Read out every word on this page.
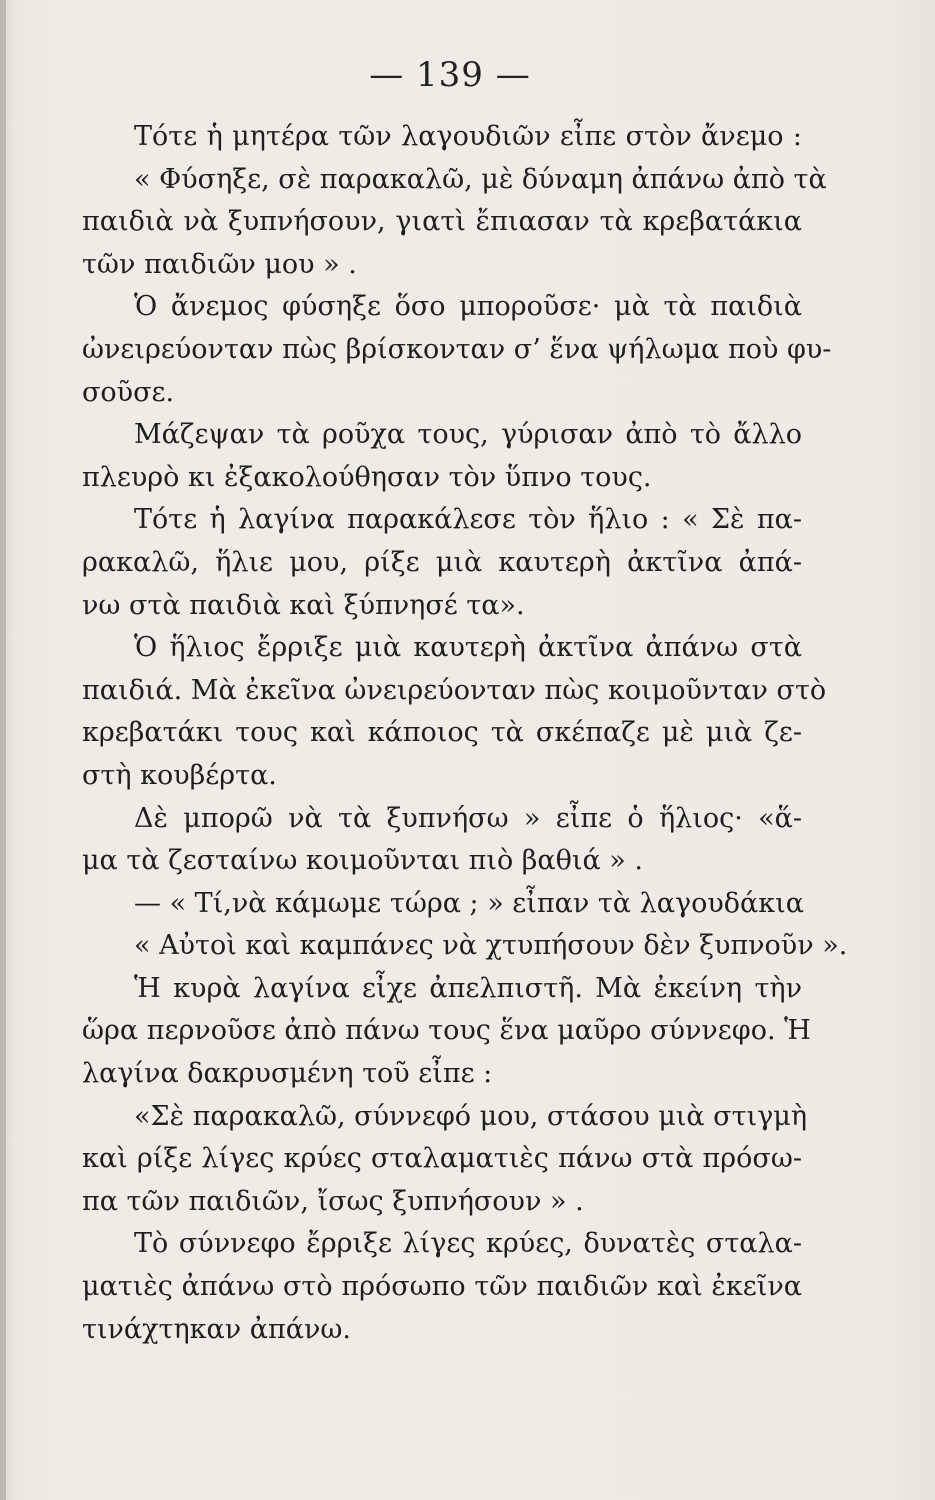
— 139 —
Τότε ἡ μητέρα τῶν λαγουδιῶν εἶπε στὸν ἄνεμο :
« Φύσηξε, σὲ παρακαλῶ, μὲ δύναμη ἀπάνω ἀπὸ τὰ
παιδιὰ νὰ ξυπνήσουν, γιατὶ ἔπιασαν τὰ κρεβατάκια
τῶν παιδιῶν μου » .
Ὁ ἄνεμος φύσηξε ὅσο μποροῦσε· μὰ τὰ παιδιὰ
ὠνειρεύονταν πὼς βρίσκονταν σ’ ἕνα ψήλωμα ποὺ φυ-
σοῦσε.
Μάζεψαν τὰ ροῦχα τους, γύρισαν ἀπὸ τὸ ἄλλο
πλευρὸ κι ἐξακολούθησαν τὸν ὕπνο τους.
Τότε ἡ λαγίνα παρακάλεσε τὸν ἥλιο : « Σὲ πα-
ρακαλῶ, ἥλιε μου, ρίξε μιὰ καυτερὴ ἀκτῖνα ἀπά-
νω στὰ παιδιὰ καὶ ξύπνησέ τα».
Ὁ ἥλιος ἔρριξε μιὰ καυτερὴ ἀκτῖνα ἀπάνω στὰ
παιδιά. Μὰ ἐκεῖνα ὠνειρεύονταν πὼς κοιμοῦνταν στὸ
κρεβατάκι τους καὶ κάποιος τὰ σκέπαζε μὲ μιὰ ζε-
στὴ κουβέρτα.
Δὲ μπορῶ νὰ τὰ ξυπνήσω » εἶπε ὁ ἥλιος· «ἅ-
μα τὰ ζεσταίνω κοιμοῦνται πιὸ βαθιά » .
— « Τί,νὰ κάμωμε τώρα ; » εἶπαν τὰ λαγουδάκια
« Αὐτοὶ καὶ καμπάνες νὰ χτυπήσουν δὲν ξυπνοῦν ».
Ἡ κυρὰ λαγίνα εἶχε ἀπελπιστῆ. Μὰ ἐκείνη τὴν
ὥρα περνοῦσε ἀπὸ πάνω τους ἕνα μαῦρο σύννεφο. Ἡ
λαγίνα δακρυσμένη τοῦ εἶπε :
«Σὲ παρακαλῶ, σύννεφό μου, στάσου μιὰ στιγμὴ
καὶ ρίξε λίγες κρύες σταλαματιὲς πάνω στὰ πρόσω-
πα τῶν παιδιῶν, ἴσως ξυπνήσουν » .
Τὸ σύννεφο ἔρριξε λίγες κρύες, δυνατὲς σταλα-
ματιὲς ἀπάνω στὸ πρόσωπο τῶν παιδιῶν καὶ ἐκεῖνα
τινάχτηκαν ἀπάνω.
